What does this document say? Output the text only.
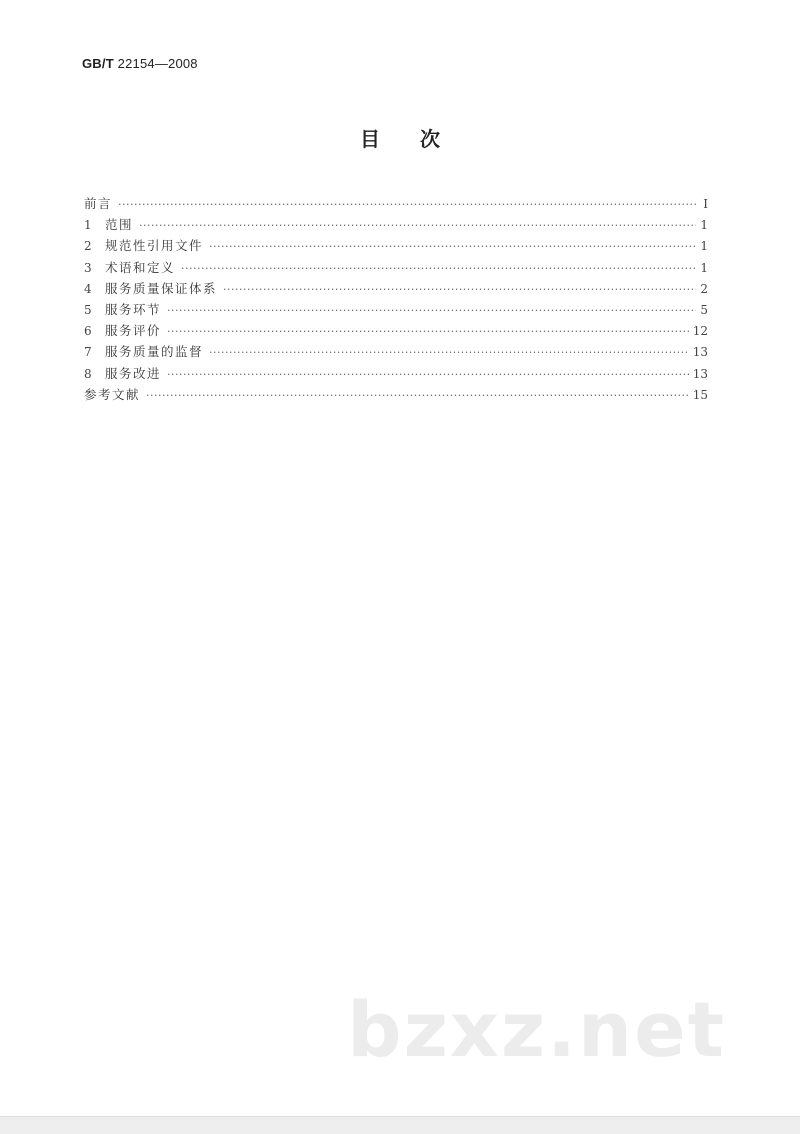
GB/T 22154—2008
目次
前言 ·····	I
1	范围 ·····	1
2	规范性引用文件 ·····	1
3	术语和定义 ·····	1
4	服务质量保证体系 ·····	2
5	服务环节 ·····	5
6	服务评价 ·····	12
7	服务质量的监督 ·····	13
8	服务改进 ·····	13
参考文献 ·····	15
bzxz.net
